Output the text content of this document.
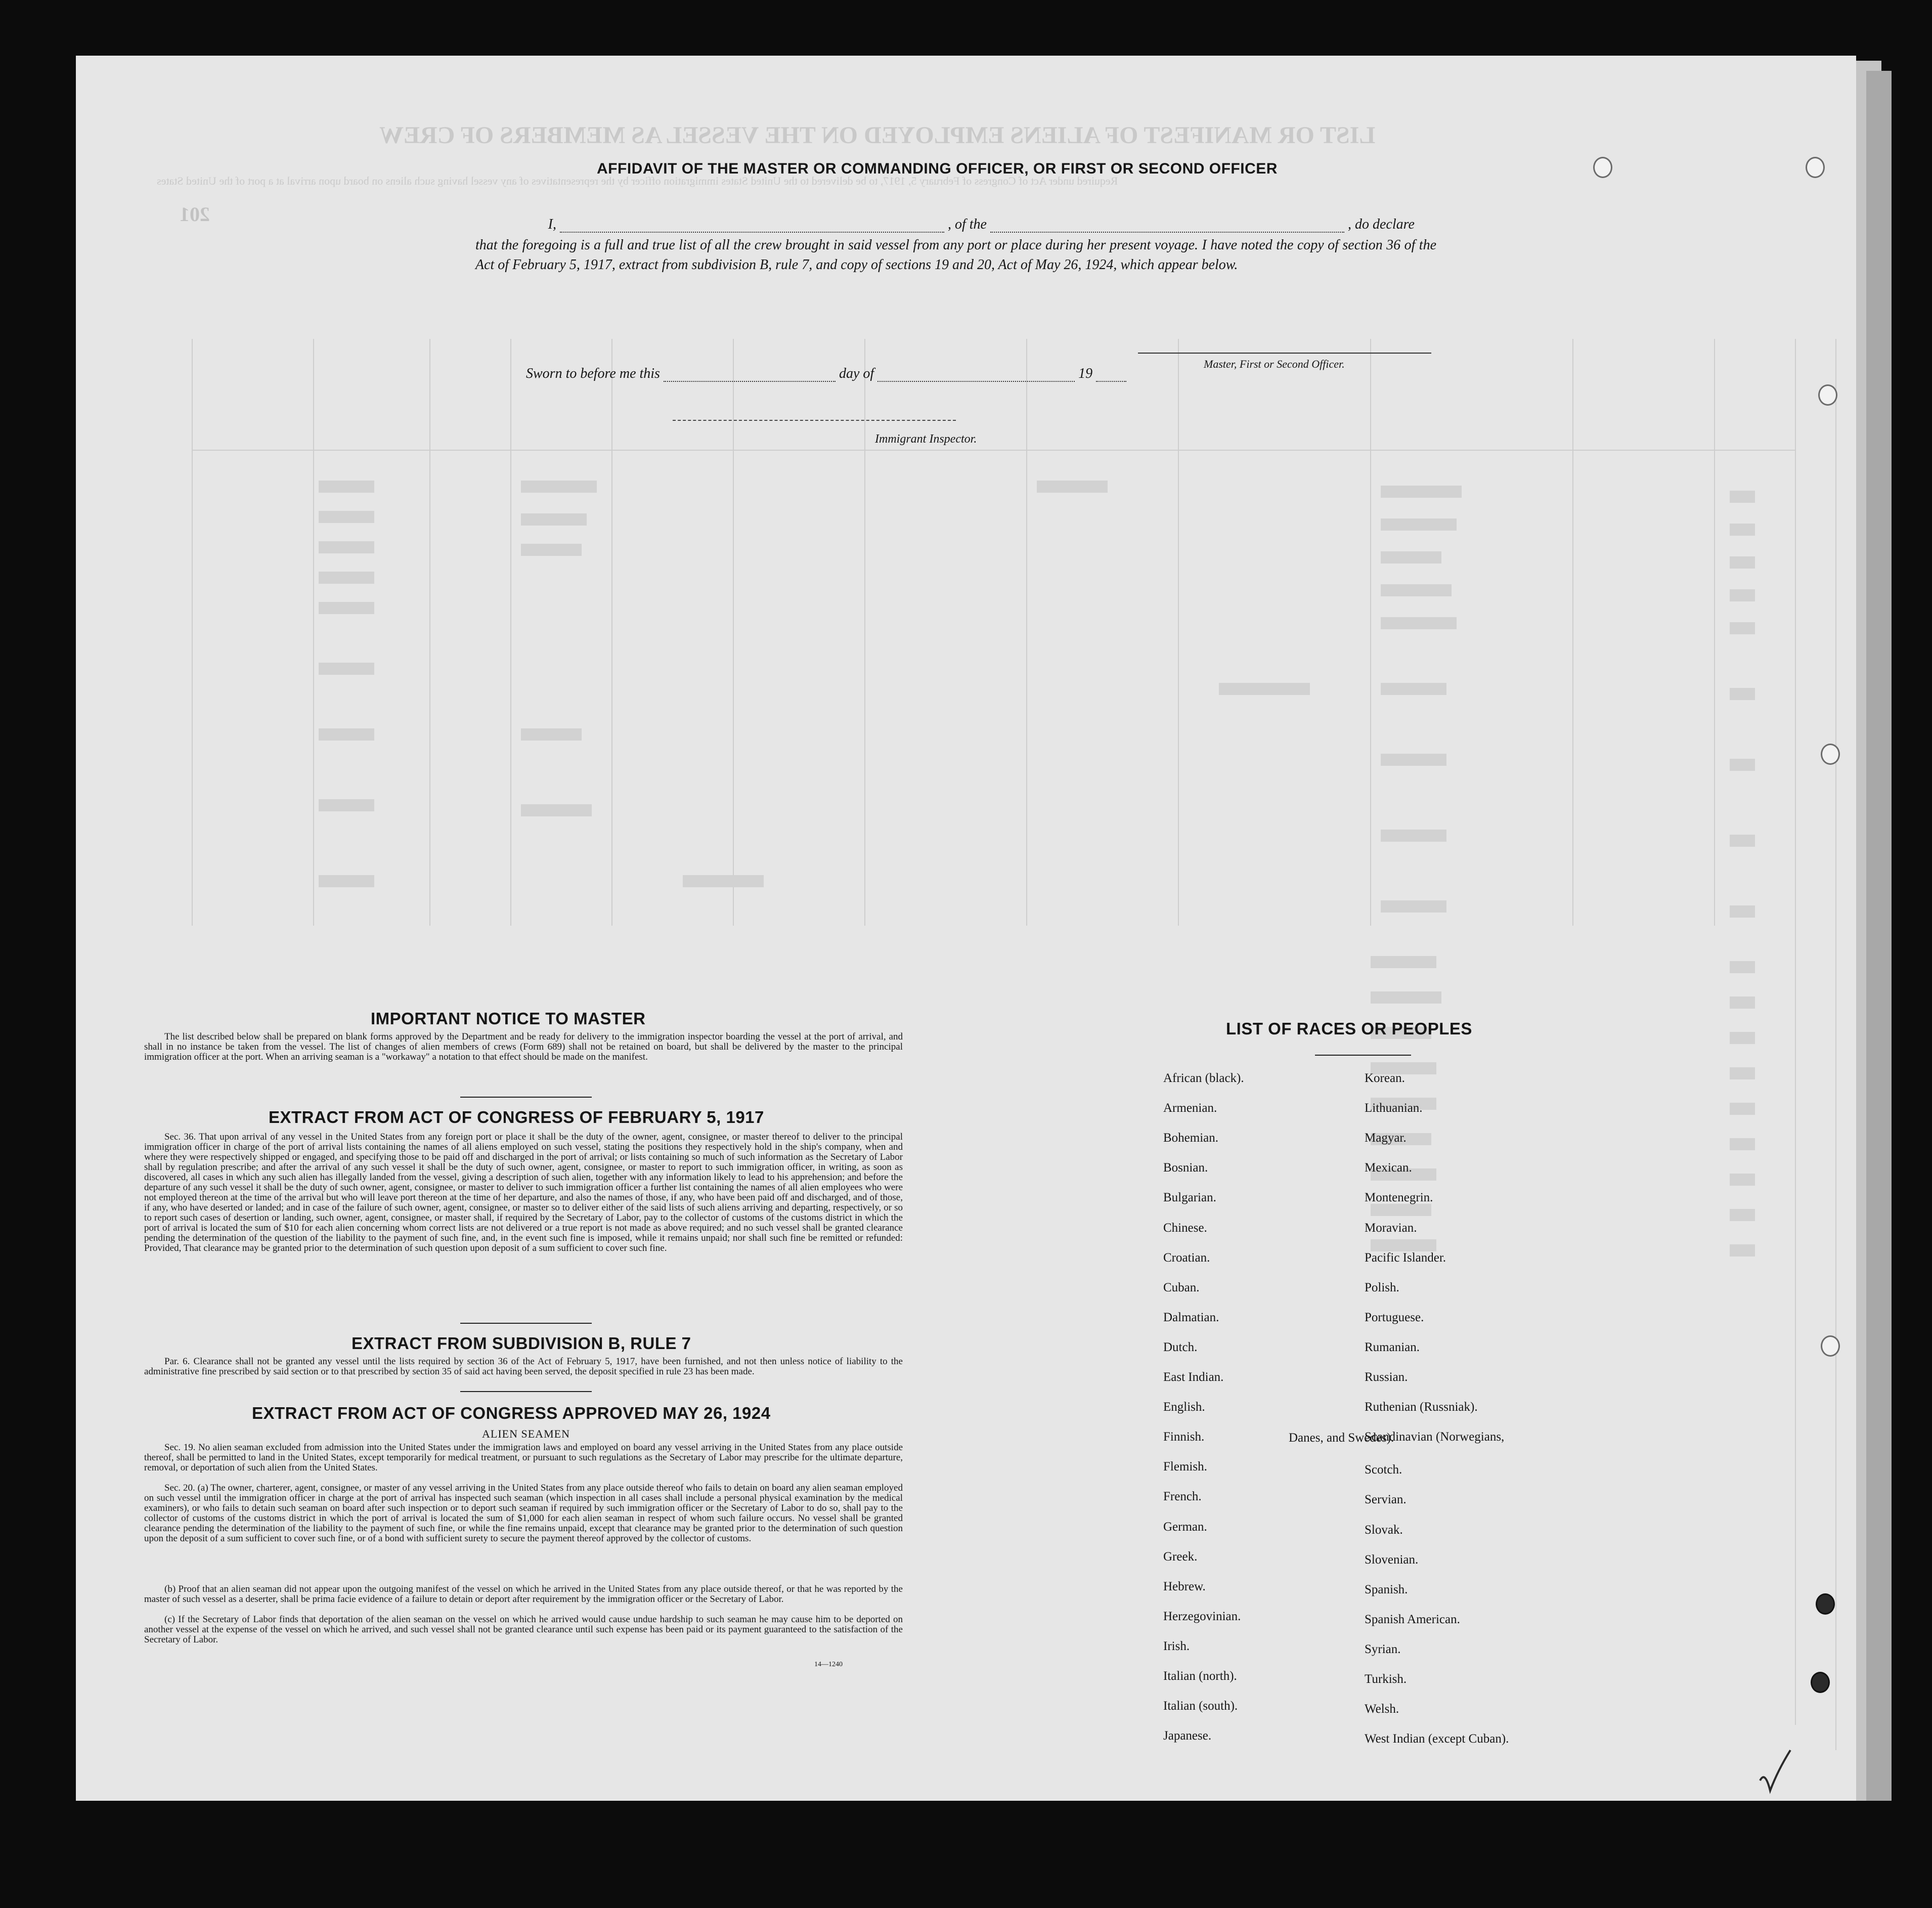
LIST OR MANIFEST OF ALIENS EMPLOYED ON THE VESSEL AS MEMBERS OF CREW
Required under Act of Congress of February 5, 1917, to be delivered to the United States immigration officer by the representatives of any vessel having such aliens on board upon arrival at a port of the United States
201
AFFIDAVIT OF THE MASTER OR COMMANDING OFFICER, OR FIRST OR SECOND OFFICER
I,	, of the	, do declare
that the foregoing is a full and true list of all the crew brought in said vessel from any port or place during her present voyage. I have noted the copy of section 36 of the Act of February 5, 1917, extract from subdivision B, rule 7, and copy of sections 19 and 20, Act of May 26, 1924, which appear below.
Master, First or Second Officer.
Sworn to before me this	day of	19
Immigrant Inspector.
IMPORTANT NOTICE TO MASTER
The list described below shall be prepared on blank forms approved by the Department and be ready for delivery to the immigration inspector boarding the vessel at the port of arrival, and shall in no instance be taken from the vessel. The list of changes of alien members of crews (Form 689) shall not be retained on board, but shall be delivered by the master to the principal immigration officer at the port. When an arriving seaman is a "workaway" a notation to that effect should be made on the manifest.
EXTRACT FROM ACT OF CONGRESS OF FEBRUARY 5, 1917
Sec. 36. That upon arrival of any vessel in the United States from any foreign port or place it shall be the duty of the owner, agent, consignee, or master thereof to deliver to the principal immigration officer in charge of the port of arrival lists containing the names of all aliens employed on such vessel, stating the positions they respectively hold in the ship's company, when and where they were respectively shipped or engaged, and specifying those to be paid off and discharged in the port of arrival; or lists containing so much of such information as the Secretary of Labor shall by regulation prescribe; and after the arrival of any such vessel it shall be the duty of such owner, agent, consignee, or master to report to such immigration officer, in writing, as soon as discovered, all cases in which any such alien has illegally landed from the vessel, giving a description of such alien, together with any information likely to lead to his apprehension; and before the departure of any such vessel it shall be the duty of such owner, agent, consignee, or master to deliver to such immigration officer a further list containing the names of all alien employees who were not employed thereon at the time of the arrival but who will leave port thereon at the time of her departure, and also the names of those, if any, who have been paid off and discharged, and of those, if any, who have deserted or landed; and in case of the failure of such owner, agent, consignee, or master so to deliver either of the said lists of such aliens arriving and departing, respectively, or so to report such cases of desertion or landing, such owner, agent, consignee, or master shall, if required by the Secretary of Labor, pay to the collector of customs of the customs district in which the port of arrival is located the sum of $10 for each alien concerning whom correct lists are not delivered or a true report is not made as above required; and no such vessel shall be granted clearance pending the determination of the question of the liability to the payment of such fine, and, in the event such fine is imposed, while it remains unpaid; nor shall such fine be remitted or refunded: Provided, That clearance may be granted prior to the determination of such question upon deposit of a sum sufficient to cover such fine.
EXTRACT FROM SUBDIVISION B, RULE 7
Par. 6. Clearance shall not be granted any vessel until the lists required by section 36 of the Act of February 5, 1917, have been furnished, and not then unless notice of liability to the administrative fine prescribed by said section or to that prescribed by section 35 of said act having been served, the deposit specified in rule 23 has been made.
EXTRACT FROM ACT OF CONGRESS APPROVED MAY 26, 1924
ALIEN SEAMEN
Sec. 19. No alien seaman excluded from admission into the United States under the immigration laws and employed on board any vessel arriving in the United States from any place outside thereof, shall be permitted to land in the United States, except temporarily for medical treatment, or pursuant to such regulations as the Secretary of Labor may prescribe for the ultimate departure, removal, or deportation of such alien from the United States.
Sec. 20. (a) The owner, charterer, agent, consignee, or master of any vessel arriving in the United States from any place outside thereof who fails to detain on board any alien seaman employed on such vessel until the immigration officer in charge at the port of arrival has inspected such seaman (which inspection in all cases shall include a personal physical examination by the medical examiners), or who fails to detain such seaman on board after such inspection or to deport such seaman if required by such immigration officer or the Secretary of Labor to do so, shall pay to the collector of customs of the customs district in which the port of arrival is located the sum of $1,000 for each alien seaman in respect of whom such failure occurs. No vessel shall be granted clearance pending the determination of the liability to the payment of such fine, or while the fine remains unpaid, except that clearance may be granted prior to the determination of such question upon the deposit of a sum sufficient to cover such fine, or of a bond with sufficient surety to secure the payment thereof approved by the collector of customs.
(b) Proof that an alien seaman did not appear upon the outgoing manifest of the vessel on which he arrived in the United States from any place outside thereof, or that he was reported by the master of such vessel as a deserter, shall be prima facie evidence of a failure to detain or deport after requirement by the immigration officer or the Secretary of Labor.
(c) If the Secretary of Labor finds that deportation of the alien seaman on the vessel on which he arrived would cause undue hardship to such seaman he may cause him to be deported on another vessel at the expense of the vessel on which he arrived, and such vessel shall not be granted clearance until such expense has been paid or its payment guaranteed to the satisfaction of the Secretary of Labor.
14—1240
LIST OF RACES OR PEOPLES
African (black).
Armenian.
Bohemian.
Bosnian.
Bulgarian.
Chinese.
Croatian.
Cuban.
Dalmatian.
Dutch.
East Indian.
English.
Finnish.
Flemish.
French.
German.
Greek.
Hebrew.
Herzegovinian.
Irish.
Italian (north).
Italian (south).
Japanese.
Korean.
Lithuanian.
Magyar.
Mexican.
Montenegrin.
Moravian.
Pacific Islander.
Polish.
Portuguese.
Rumanian.
Russian.
Ruthenian (Russniak).
Scandinavian (Norwegians,
Scotch.
Servian.
Slovak.
Slovenian.
Spanish.
Spanish American.
Syrian.
Turkish.
Welsh.
West Indian (except Cuban).
Danes, and Swedes).
